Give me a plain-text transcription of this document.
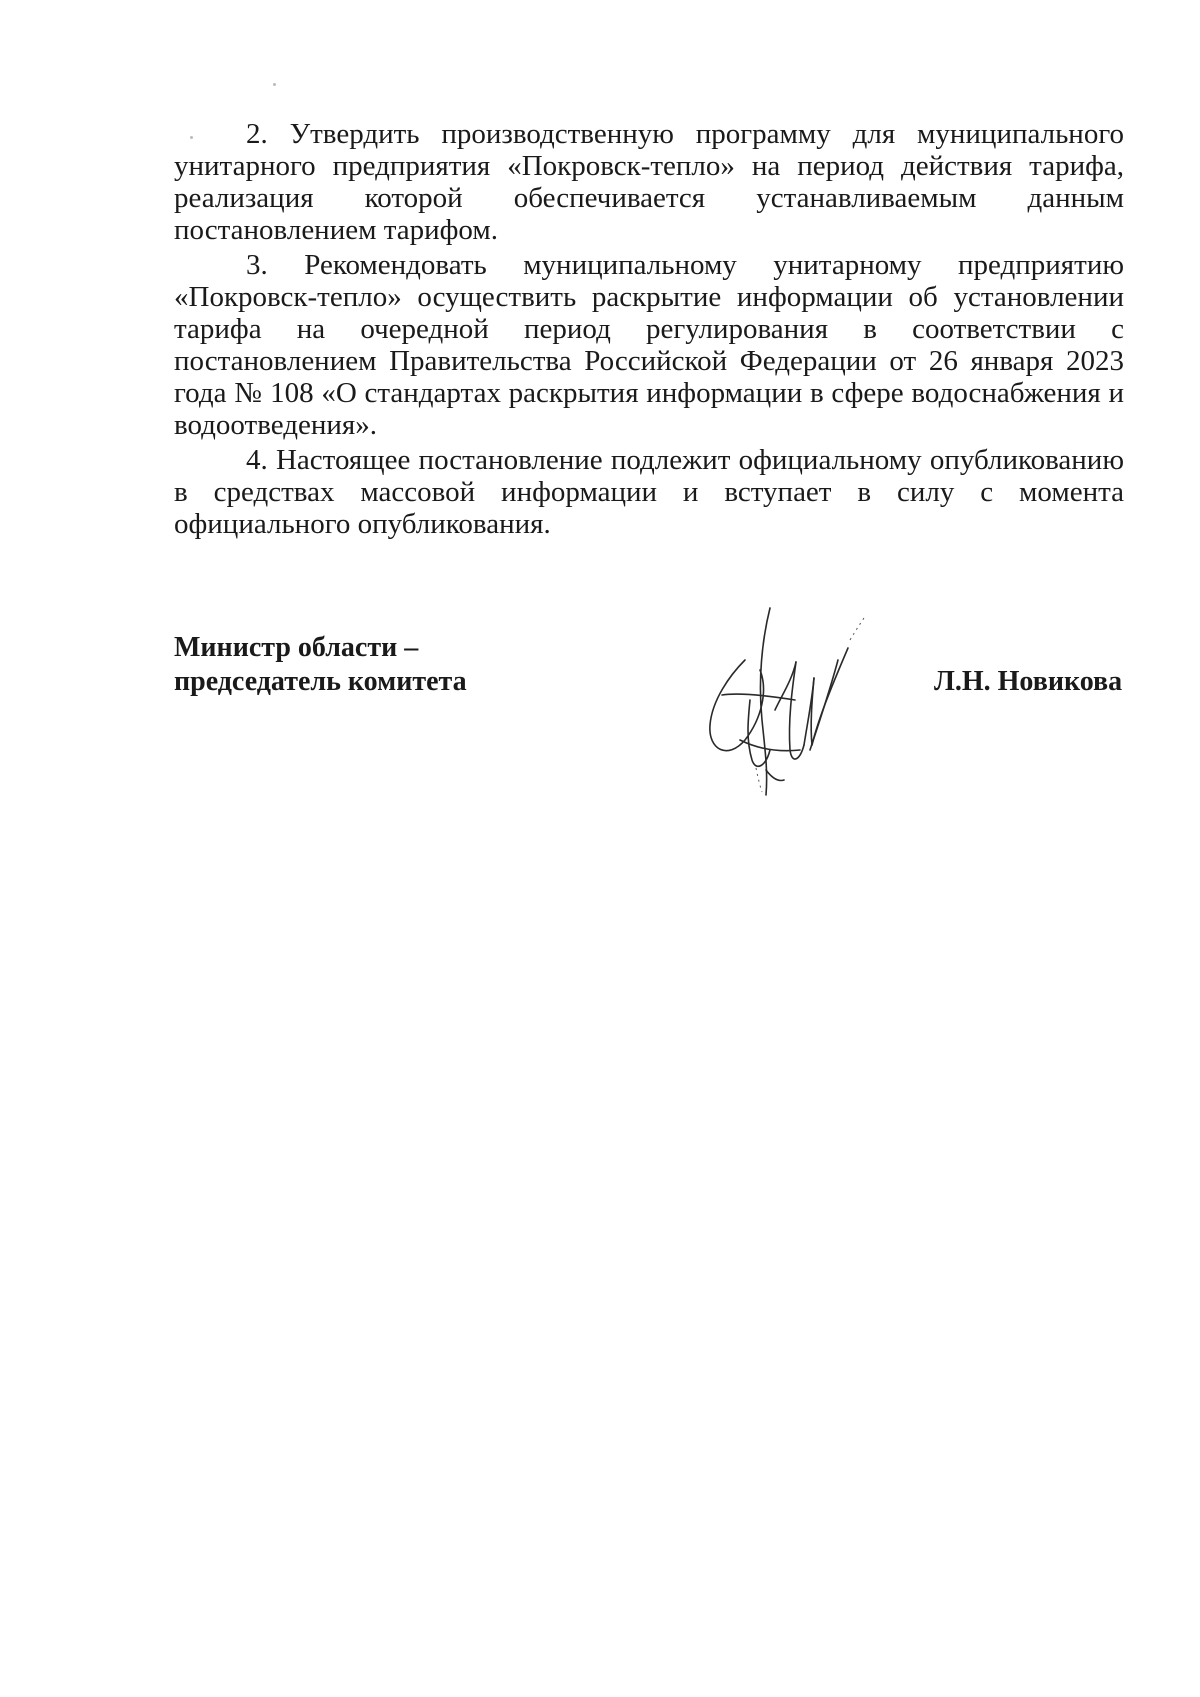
2. Утвердить производственную программу для муниципального унитарного предприятия «Покровск-тепло» на период действия тарифа, реализация которой обеспечивается устанавливаемым данным постановлением тарифом.

3. Рекомендовать муниципальному унитарному предприятию «Покровск-тепло» осуществить раскрытие информации об установлении тарифа на очередной период регулирования в соответствии с постановлением Правительства Российской Федерации от 26 января 2023 года № 108 «О стандартах раскрытия информации в сфере водоснабжения и водоотведения».

4. Настоящее постановление подлежит официальному опубликованию в средствах массовой информации и вступает в силу с момента официального опубликования.

Министр области –
председатель комитета	Л.Н. Новикова
